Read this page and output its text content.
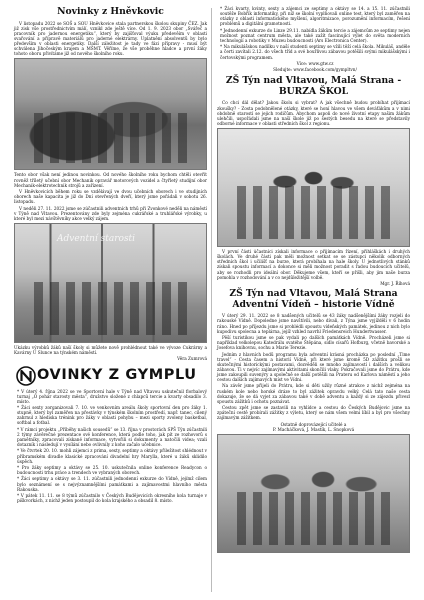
Novinky z Hněvkovic

V listopadu 2022 se SOŠ a SOU Hněvkovice stala partnerskou školou skupiny ČEZ. Jak již zisk vše prostřednictvím málí, vznikl zde ještě více. Od 1. 9. 2023 obor „Svářeč a pracovník pro jadernou energetiku“, který by zajišťoval výuku předevěím v oblasti svařování a přípravě materiálů pro jaderné elektrárny. Uplatnění absolventů by bylo především v oblasti energetiky. Další záležitost je tady ve fázi přípravy - musí být schválena Jihočeským krajem a MŠMT. Věříme, že vše proběhne hladce a první žáky tohoto oboru přivítáme již od nového školního roku.

Tento obor však není jedinou novinkou. Od nového školního roku bychom chtěli otevřít rovněž tříletý učební obor Mechanik opravář motorových vozidel a čtyřletý studijní obor Mechanik-elektrotechnik strojů a zařízení.

V Hněvkovicích během roku se vzdělávají ve dvou učebních oborech i ve studijních oborech naše kapacita je již do Dní otevřených dveří, který jsme pořádali v sobotu 26. listopadu.

V neděli 27. 11. 2022 jsme se zúčastnili adventních trhů při Zvonkové neděli na náměstí v Týně nad Vltavou. Prezentovány zde byly zejména cukrářské a truhlářské výrobky, u které byl mezi návštěvníky akce velký zájem.

Adventní starosti

Ukázku výrobků žáků naší školy si můžete nově prohlédnout také ve vývoze Cukrárny a Kavárny U Slunce na týnském náměstí.

Věra Zumrová

OVINKY Z GYMPLU

* V úterý 4. října 2022 se ve Sportovní hale v Týně nad Vltavou uskutečnil florbalový turnaj „O pohár starosty města“, družstvo složené z chlapců tercie a kvarty obsadilo 3. místo.

* Žáci sexty zorganizovali 7. 10. ve venkovním areálu školy sportovní den pro žáky 1. stupně, který byl zaměřen na přestávky v týnském školním prostředí, např. tanec, cílený zahrnul z hlediska trénink pro žáky v oblasti pohybu – mezi sporty zvoleny basketbal, softbal a fotbal.

* V rámci projektu „Příběhy našich sousedů“ se 13. října v prostorách SPŠ Týn zúčastnili 2 týmy závěrečné prezentace své konference, která podle toho, jak pít ze rozhovorů s pamětníky, zpracovali získané informace, vytvořili si dokumenty a natočili videa; vzali dotazník i následují v vysílání nebo ovlivnily z koho začalo učebnice.

* Ve čtvrtek 20. 10. mohli zájemci z prima, sexty, septimy a oktávy přiležitost shlédnout v příbramském divadle klasické zpracování divadelní hry Marylla, které u žáků sklidilo úspěch.

* Pro žáky septimy a oktávy se 25. 10. uskutečnila online konference Readycon o budoucnosti trhu práce a trendech ve vybraných oborech.

* Žáci septimy a oktávy se 3. 11. zúčastnili jednodenní exkurze do Vídně, jejímž cílem bylo seznámení se s nejvýznamnějšími památkami a zajímavostmi hlavního města Rakouska.

* V pátek 11. 11. se 8 týmů zúčastnilo v Českých Budějovicích okresního kola turnaje v piškvorkách, z nichž jeden postoupil do kola krajského a obsadil 8. místo.

* Žáci kvarty, kvinty, sexty a zájemci ze septimy a oktávy se 14. a 15. 11. zúčastnili soutěže Bobřík informatiky, při níž se školní vyplňovali online test, který byl zaměřen na otázky z oblasti informatického myšlení, algoritmizace, porozumění informacím, řešení problémů a digitální gramotnosti.

* Jednodenní exkurze do Linze 29.11. nabídla žákům tercie a zájemcům ze septimy nejen možnost poznat centrum města, ale také zažít fascinující výlet do světa moderních technologií a robotiky v Muzeu budoucnosti (Ars Electronica Center).

* Na mikulášskou nadílku v naší studenti septimy se vžili těží celá škola. Mikuláš, anděle a čerti zavítali 2.12. do všech tříd a své bouřlivou zábavou potěšili svými mikulášskými i čertovskými programem.

Více: www.gtw.cz

Sledujte: www.facebook.com/gympltvn/

ZŠ Týn nad Vltavou, Malá Strana - BURZA ŠKOL

Co chci dál dělat? Jakou školu si vybrat? A jak všechně budou probíhat přijímací zkoušky? - Zosta podobnělené otázky, které se honí hlavou ve všem deváťákům a v nimi obdobně starostí se jejich rodičům. Abychom aspoň do nové životní etapy našim žákům ulehčili, uspořádali jsme na naší škole již po šestých besedu na které se představily odborné informace v oblasti středních škol z regionu.

V první části účastníci získali informace o přijímacím řízení, přihláškách i druhých školách. Ve druhé části pak měli možnost setkat se se zástupci několik odborných středních škol i učilišť na burze, která probíhala na hale školy. U jednotlivých stánků získali spoustu informací a dokonce si měli možnost poradit s řadou budoucích učitelů, aby se rozhodli pro ideální obor. Děkujeme všem, kteří se přišli, aby jim naše burza pomohla v rozhodování a v co nejdůležitější volbě.

Mgr. J. Říhová

ZŠ Týn nad Vltavou, Malá Strana
Adventní Vídeň – historie Vídně

V úterý 29. 11. 2022 se 8 nadšených učitelů se 43 žáky nadšenějšími žáky rozjeli do rakouské Vídně. Dopoledne jsme navštívili, nebo dívali, z Týna jsme vyjížděli v 6 hodin ráno. Hned po příjezdu jsme si prohlédli spoustu vídeňských památek, jedinou z nich bylo kupodivu spolecna a teplárna, jejíž vzhled navrhl Friedensreich Hundertwasser.

Pěší turistikou jsme se pak vydali po dalších památkách Vídně. Procházeli jsme si například velkolepou Katedrálu svatého Štěpána, sídlo císařů Hofburg, včetně bavorské a Josefova knihovnu, sochu a Marie Terezie.

Jedním z hlavních bodů programu byla adventní krásná procházka po poslední „Time travel“ - Cesta časem a historií Vídně, při které jsme kromě 5D zážitku prošli se skutečnými historickými postavami, dozvěděli se mnoho zajímavostí i dalších a velikou zábavou. Ti v nejvíc zajímavými aktivitami skončili vlaky. Pokračovali jsme do Prátru, kde jsme zakoupili suvenýry a společně se další potěšili na Prateru od Karlova náměstí a jeho cestou dalších zajímavých míst ve Vídni.

Na závěr jsme přijeli do Prátru, kde si děti užily různé atrakce z nichž zejména na ruském kole nebo horské dráze to byl zážitek opravdu velký. Celá tato naše cesta dokazuje, že se dá vyjet za zábavou také v době adventu a každý si ze zájezdu přivezl spoustu zážitků i ochotu poznávat.

Cestou zpět jsme se zastavili na vyhlídce a cestou do Českých Budějovic jsme na zpáteční cestě probírali zážitky z výletu, který se nám všem velmi líbil a byl pro všechny zajímavým zážitkem.

Ostatně doprovázející učitelé a
P. Macháčková, J. Mastík, L. Snopková
